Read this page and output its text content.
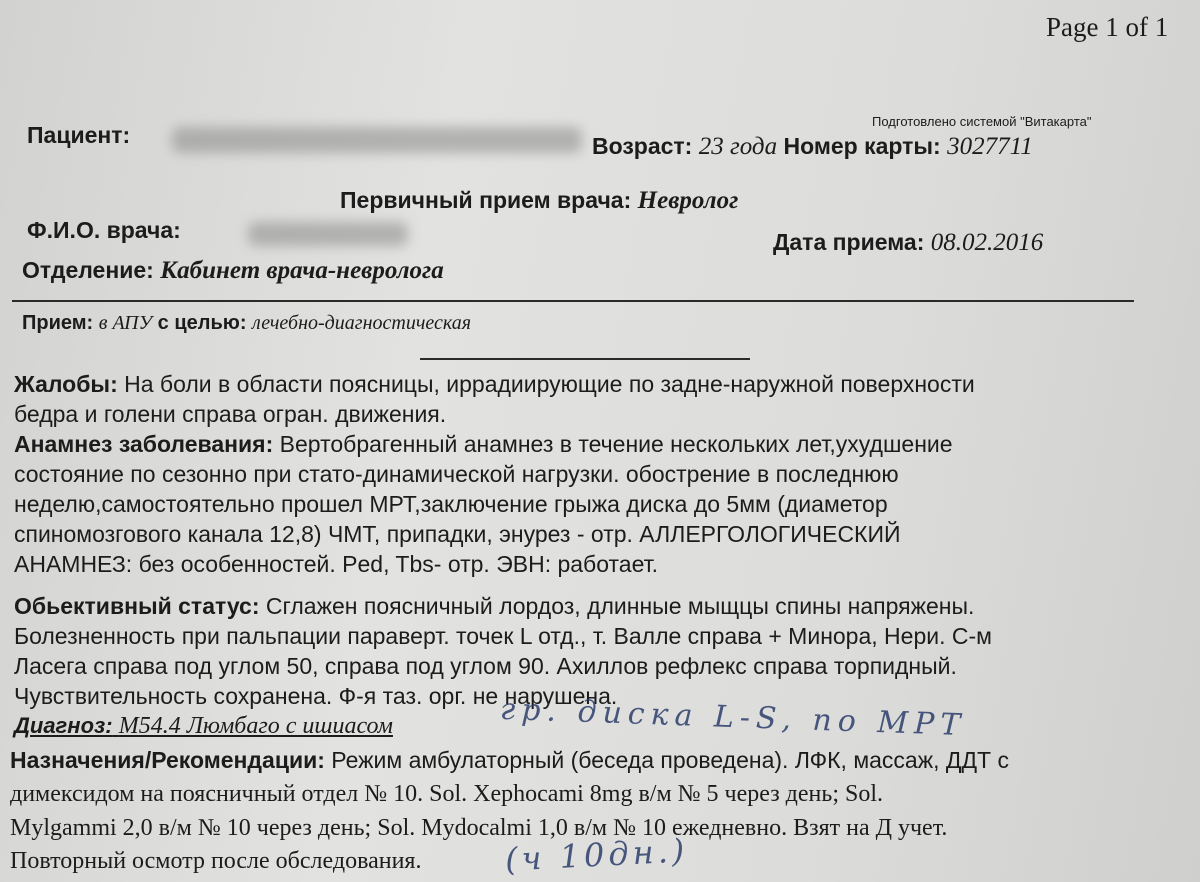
Page 1 of 1
Подготовлено системой "Витакарта"
Пациент:	Возраст: 23 года Номер карты: 3027711
Первичный прием врача: Невролог
Ф.И.О. врача:	Дата приема: 08.02.2016
Отделение: Кабинет врача-невролога
Прием: в АПУ с целью: лечебно-диагностическая
Жалобы: На боли в области поясницы, иррадиирующие по задне-наружной поверхности
бедра и голени справа огран. движения.
Анамнез заболевания: Вертобрагенный анамнез в течение нескольких лет,ухудшение
состояние по сезонно при стато-динамической нагрузки. обострение в последнюю
неделю,самостоятельно прошел МРТ,заключение грыжа диска до 5мм (диаметор
спиномозгового канала 12,8) ЧМТ, припадки, энурез - отр. АЛЛЕРГОЛОГИЧЕСКИЙ
АНАМНЕЗ: без особенностей. Ped, Tbs- отр. ЭВН: работает.
Обьективный статус: Сглажен поясничный лордоз, длинные мыщцы спины напряжены.
Болезненность при пальпации параверт. точек L отд., т. Валле справа + Минора, Нери. С-м
Ласега справа под углом 50, справа под углом 90. Ахиллов рефлекс справа торпидный.
Чувствительность сохранена. Ф-я таз. орг. не нарушена.
Диагноз: M54.4 Люмбаго с ишиасом	гр. диска L-S, по МРТ
Назначения/Рекомендации: Режим амбулаторный (беседа проведена). ЛФК, массаж, ДДТ с
димексидом на поясничный отдел № 10. Sol. Xephocami 8mg в/м № 5 через день; Sol.
Mylgammi 2,0 в/м № 10 через день; Sol. Mydocalmi 1,0 в/м № 10 ежедневно. Взят на Д учет.
Повторный осмотр после обследования.	(ч 10дн.)
